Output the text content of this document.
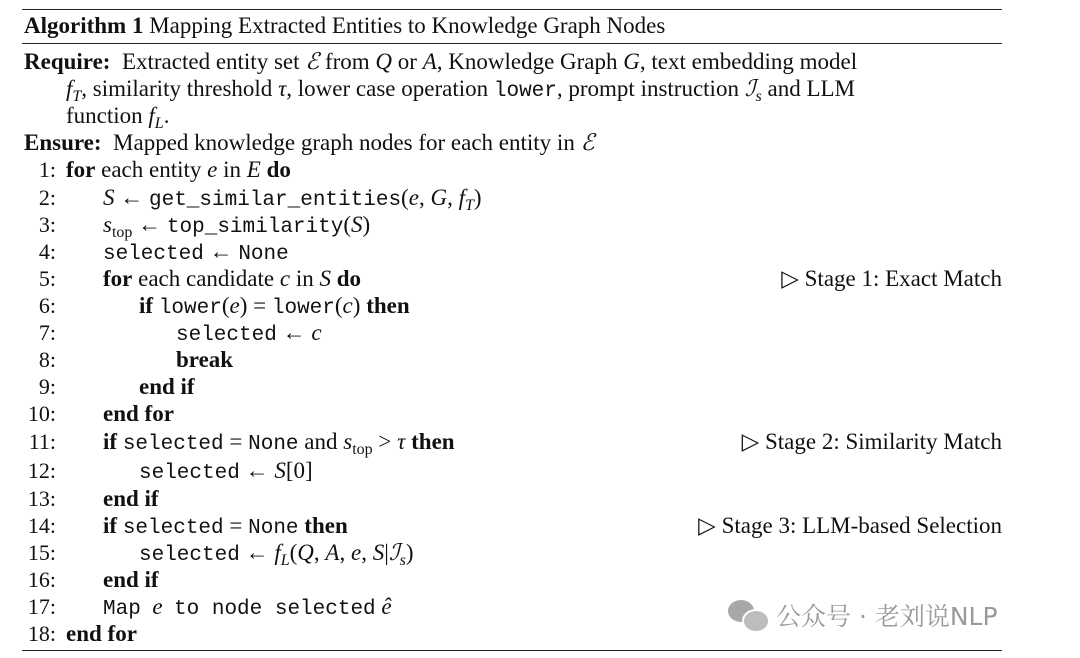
Algorithm 1 Mapping Extracted Entities to Knowledge Graph Nodes
Require:  Extracted entity set ℰ from Q or A, Knowledge Graph G, text embedding model
$f_T$, similarity threshold τ, lower case operation lower, prompt instruction ℐ$_s$ and LLM
function $f_L$.
Ensure:  Mapped knowledge graph nodes for each entity in ℰ
1:
2:
3:
4:
5:
6:
7:
8:
9:
10:
11:
12:
13:
14:
15:
16:
17:
18:
for each entity e in E do
S ← get_similar_entities(e, G, $f_T$)
$s_{top}$ ← top_similarity(S)
selected ← None
for each candidate c in S do	▷ Stage 1: Exact Match
if lower(e) = lower(c) then
selected ← c
break
end if
end for
if selected = None and $s_{top} > \tau$ then	▷ Stage 2: Similarity Match
selected ← S[0]
end if
if selected = None then	▷ Stage 3: LLM-based Selection
selected ← $f_L(Q$, A, e, S|ℐ$_s$)
end if
Map e to node selected ê
end for
公众号 · 老刘说NLP
